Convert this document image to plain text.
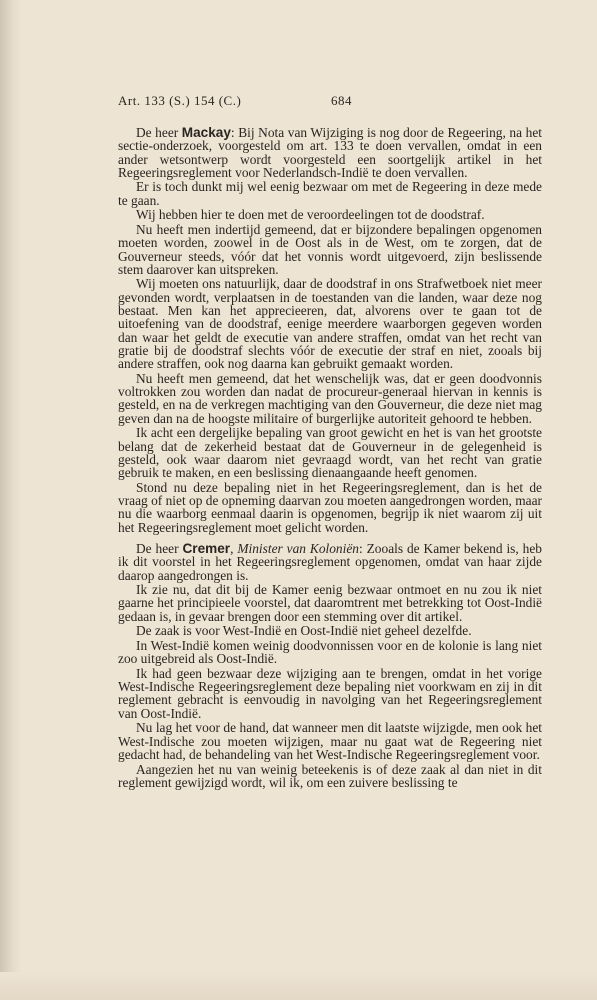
Art. 133 (S.) 154 (C.)	684

De heer Mackay: Bij Nota van Wijziging is nog door de Regeering, na het sectie-onderzoek, voorgesteld om art. 133 te doen vervallen, omdat in een ander wetsontwerp wordt voorgesteld een soortgelijk artikel in het Regeeringsreglement voor Nederlandsch-Indië te doen vervallen.

Er is toch dunkt mij wel eenig bezwaar om met de Regeering in deze mede te gaan.

Wij hebben hier te doen met de veroordeelingen tot de doodstraf.

Nu heeft men indertijd gemeend, dat er bijzondere bepalingen opgenomen moeten worden, zoowel in de Oost als in de West, om te zorgen, dat de Gouverneur steeds, vóór dat het vonnis wordt uitgevoerd, zijn beslissende stem daarover kan uitspreken.

Wij moeten ons natuurlijk, daar de doodstraf in ons Strafwetboek niet meer gevonden wordt, verplaatsen in de toestanden van die landen, waar deze nog bestaat. Men kan het apprecieeren, dat, alvorens over te gaan tot de uitoefening van de doodstraf, eenige meerdere waarborgen gegeven worden dan waar het geldt de executie van andere straffen, omdat van het recht van gratie bij de doodstraf slechts vóór de executie der straf en niet, zooals bij andere straffen, ook nog daarna kan gebruikt gemaakt worden.

Nu heeft men gemeend, dat het wenschelijk was, dat er geen doodvonnis voltrokken zou worden dan nadat de procureur-generaal hiervan in kennis is gesteld, en na de verkregen machtiging van den Gouverneur, die deze niet mag geven dan na de hoogste militaire of burgerlijke autoriteit gehoord te hebben.

Ik acht een dergelijke bepaling van groot gewicht en het is van het grootste belang dat de zekerheid bestaat dat de Gouverneur in de gelegenheid is gesteld, ook waar daarom niet gevraagd wordt, van het recht van gratie gebruik te maken, en een beslissing dienaangaande heeft genomen.

Stond nu deze bepaling niet in het Regeeringsreglement, dan is het de vraag of niet op de opneming daarvan zou moeten aangedrongen worden, maar nu die waarborg eenmaal daarin is opgenomen, begrijp ik niet waarom zij uit het Regeeringsreglement moet gelicht worden.

De heer Cremer, Minister van Koloniën: Zooals de Kamer bekend is, heb ik dit voorstel in het Regeeringsreglement opgenomen, omdat van haar zijde daarop aangedrongen is.

Ik zie nu, dat dit bij de Kamer eenig bezwaar ontmoet en nu zou ik niet gaarne het principieele voorstel, dat daaromtrent met betrekking tot Oost-Indië gedaan is, in gevaar brengen door een stemming over dit artikel.

De zaak is voor West-Indië en Oost-Indië niet geheel dezelfde.

In West-Indië komen weinig doodvonnissen voor en de kolonie is lang niet zoo uitgebreid als Oost-Indië.

Ik had geen bezwaar deze wijziging aan te brengen, omdat in het vorige West-Indische Regeeringsreglement deze bepaling niet voorkwam en zij in dit reglement gebracht is eenvoudig in navolging van het Regeeringsreglement van Oost-Indië.

Nu lag het voor de hand, dat wanneer men dit laatste wijzigde, men ook het West-Indische zou moeten wijzigen, maar nu gaat wat de Regeering niet gedacht had, de behandeling van het West-Indische Regeeringsreglement voor.

Aangezien het nu van weinig beteekenis is of deze zaak al dan niet in dit reglement gewijzigd wordt, wil ik, om een zuivere beslissing te
